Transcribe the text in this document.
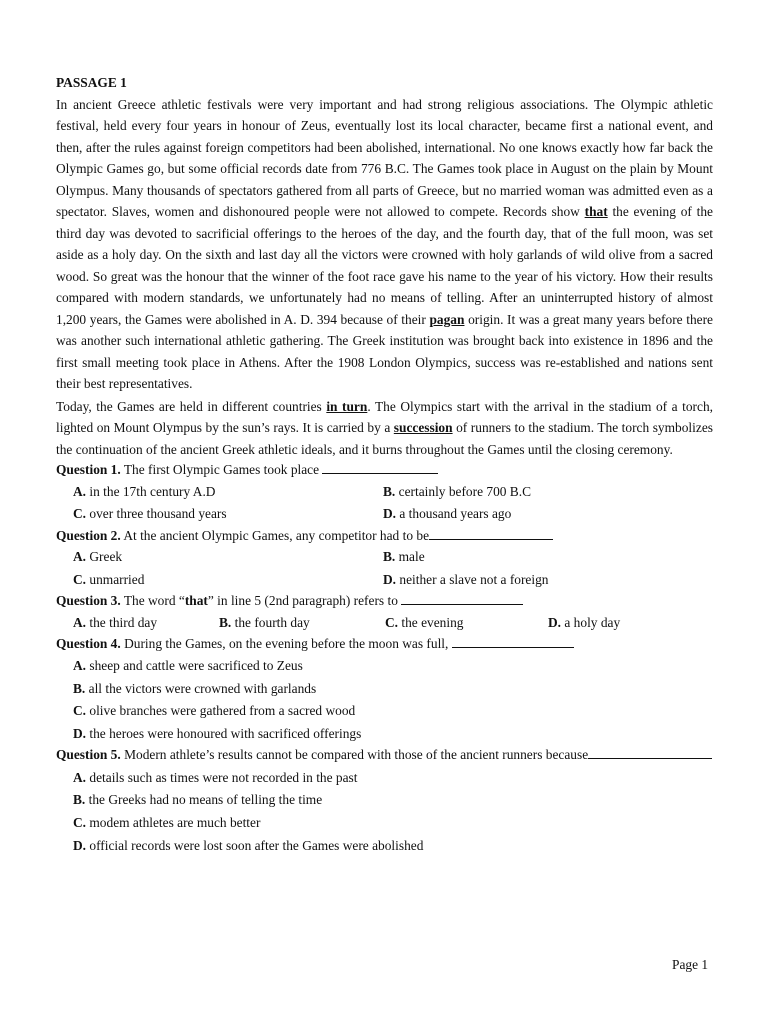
PASSAGE 1

In ancient Greece athletic festivals were very important and had strong religious associations. The Olympic athletic festival, held every four years in honour of Zeus, eventually lost its local character, became first a national event, and then, after the rules against foreign competitors had been abolished, international. No one knows exactly how far back the Olympic Games go, but some official records date from 776 B.C. The Games took place in August on the plain by Mount Olympus. Many thousands of spectators gathered from all parts of Greece, but no married woman was admitted even as a spectator. Slaves, women and dishonoured people were not allowed to compete. Records show that the evening of the third day was devoted to sacrificial offerings to the heroes of the day, and the fourth day, that of the full moon, was set aside as a holy day. On the sixth and last day all the victors were crowned with holy garlands of wild olive from a sacred wood. So great was the honour that the winner of the foot race gave his name to the year of his victory. How their results compared with modern standards, we unfortunately had no means of telling. After an uninterrupted history of almost 1,200 years, the Games were abolished in A. D. 394 because of their pagan origin. It was a great many years before there was another such international athletic gathering. The Greek institution was brought back into existence in 1896 and the first small meeting took place in Athens. After the 1908 London Olympics, success was re-established and nations sent their best representatives.

Today, the Games are held in different countries in turn. The Olympics start with the arrival in the stadium of a torch, lighted on Mount Olympus by the sun’s rays. It is carried by a succession of runners to the stadium. The torch symbolizes the continuation of the ancient Greek athletic ideals, and it burns throughout the Games until the closing ceremony.

Question 1. The first Olympic Games took place
A. in the 17th century A.D	B. certainly before 700 B.C
C. over three thousand years	D. a thousand years ago
Question 2. At the ancient Olympic Games, any competitor had to be
A. Greek	B. male
C. unmarried	D. neither a slave not a foreign
Question 3. The word “that” in line 5 (2nd paragraph) refers to
A. the third day	B. the fourth day	C. the evening	D. a holy day
Question 4. During the Games, on the evening before the moon was full,
A. sheep and cattle were sacrificed to Zeus
B. all the victors were crowned with garlands
C. olive branches were gathered from a sacred wood
D. the heroes were honoured with sacrificed offerings
Question 5. Modern athlete’s results cannot be compared with those of the ancient runners because
A. details such as times were not recorded in the past
B. the Greeks had no means of telling the time
C. modem athletes are much better
D. official records were lost soon after the Games were abolished
Page 1
